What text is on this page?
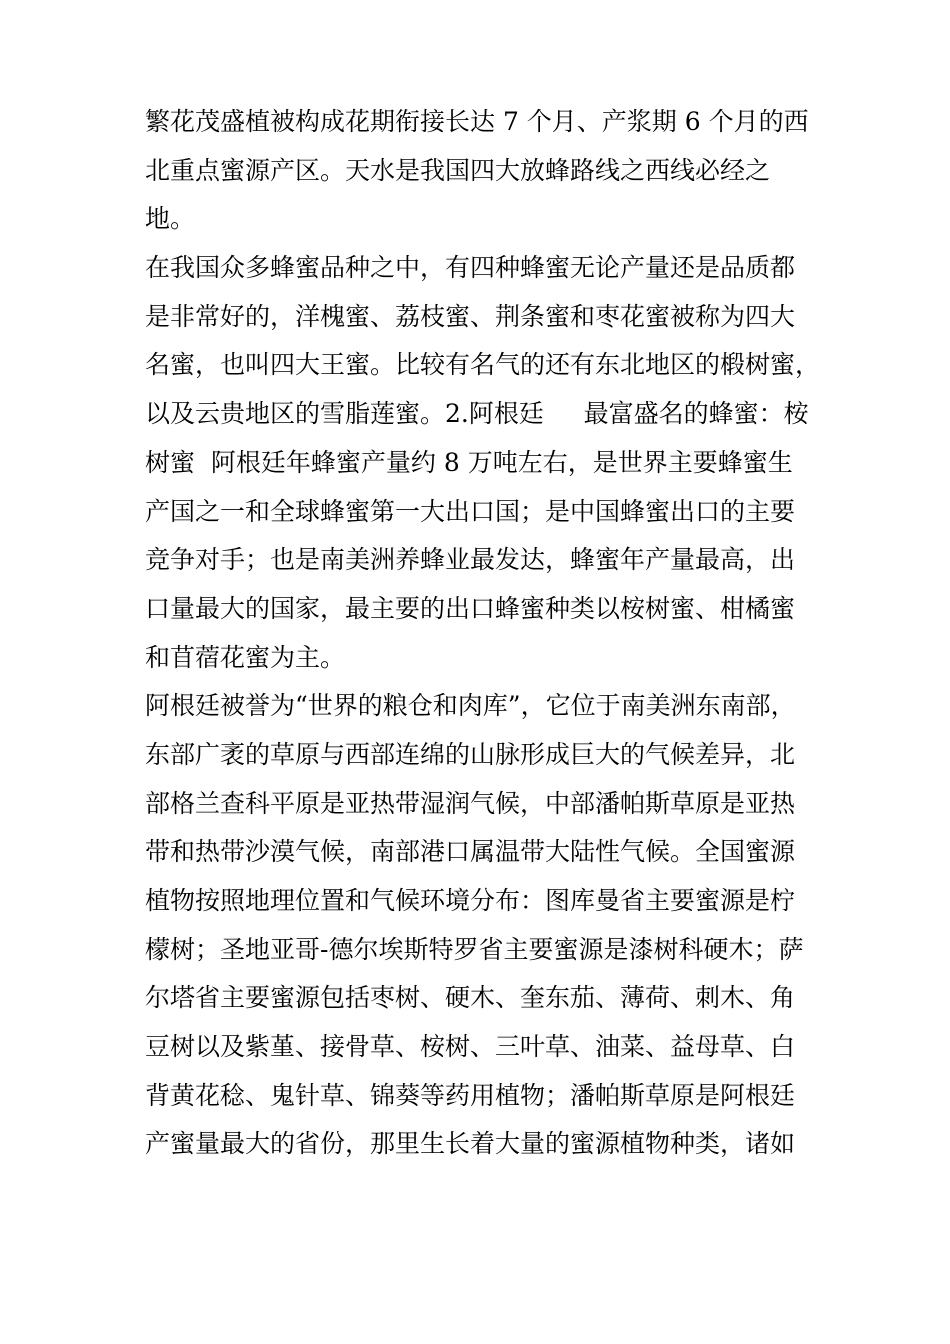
繁花茂盛植被构成花期衔接长达 7 个月、产浆期 6 个月的西
北重点蜜源产区。天水是我国四大放蜂路线之西线必经之
地。
在我国众多蜂蜜品种之中，有四种蜂蜜无论产量还是品质都
是非常好的，洋槐蜜、荔枝蜜、荆条蜜和枣花蜜被称为四大
名蜜，也叫四大王蜜。比较有名气的还有东北地区的椴树蜜，
以及云贵地区的雪脂莲蜜。2.阿根廷     最富盛名的蜂蜜：桉
树蜜  阿根廷年蜂蜜产量约 8 万吨左右，是世界主要蜂蜜生
产国之一和全球蜂蜜第一大出口国；是中国蜂蜜出口的主要
竞争对手；也是南美洲养蜂业最发达，蜂蜜年产量最高，出
口量最大的国家，最主要的出口蜂蜜种类以桉树蜜、柑橘蜜
和苜蓿花蜜为主。
阿根廷被誉为“世界的粮仓和肉库”，它位于南美洲东南部，
东部广袤的草原与西部连绵的山脉形成巨大的气候差异，北
部格兰查科平原是亚热带湿润气候，中部潘帕斯草原是亚热
带和热带沙漠气候，南部港口属温带大陆性气候。全国蜜源
植物按照地理位置和气候环境分布：图库曼省主要蜜源是柠
檬树；圣地亚哥-德尔埃斯特罗省主要蜜源是漆树科硬木；萨
尔塔省主要蜜源包括枣树、硬木、奎东茄、薄荷、刺木、角
豆树以及紫堇、接骨草、桉树、三叶草、油菜、益母草、白
背黄花稔、鬼针草、锦葵等药用植物；潘帕斯草原是阿根廷
产蜜量最大的省份，那里生长着大量的蜜源植物种类，诸如
